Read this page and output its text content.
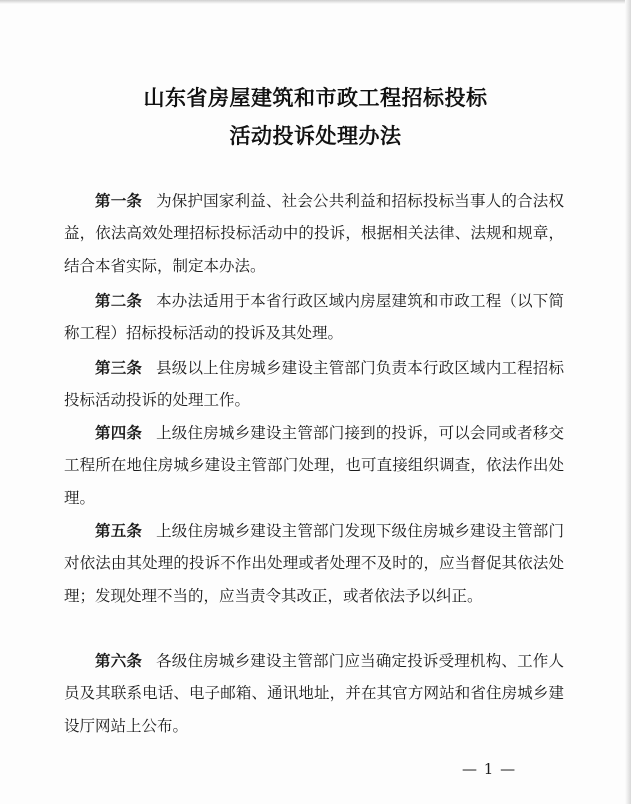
山东省房屋建筑和市政工程招标投标
活动投诉处理办法

第一条 为保护国家利益、社会公共利益和招标投标当事人的合法权益，依法高效处理招标投标活动中的投诉，根据相关法律、法规和规章，结合本省实际，制定本办法。

第二条 本办法适用于本省行政区域内房屋建筑和市政工程（以下简称工程）招标投标活动的投诉及其处理。

第三条 县级以上住房城乡建设主管部门负责本行政区域内工程招标投标活动投诉的处理工作。

第四条 上级住房城乡建设主管部门接到的投诉，可以会同或者移交工程所在地住房城乡建设主管部门处理，也可直接组织调查，依法作出处理。

第五条 上级住房城乡建设主管部门发现下级住房城乡建设主管部门对依法由其处理的投诉不作出处理或者处理不及时的，应当督促其依法处理；发现处理不当的，应当责令其改正，或者依法予以纠正。

第六条 各级住房城乡建设主管部门应当确定投诉受理机构、工作人员及其联系电话、电子邮箱、通讯地址，并在其官方网站和省住房城乡建设厅网站上公布。

— 1 —
